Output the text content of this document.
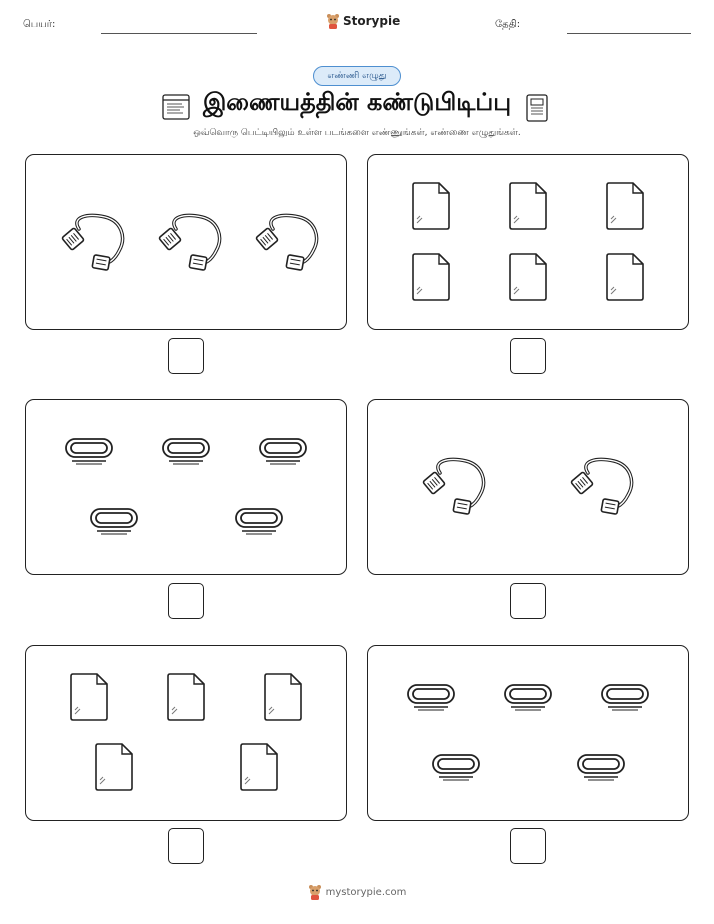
பெயர்:	Storypie	தேதி:
எண்ணி எழுது
இணையத்தின் கண்டுபிடிப்பு
ஒவ்வொரு பெட்டியிலும் உள்ள படங்களை எண்ணுங்கள், எண்ணை எழுதுங்கள்.
mystorypie.com
